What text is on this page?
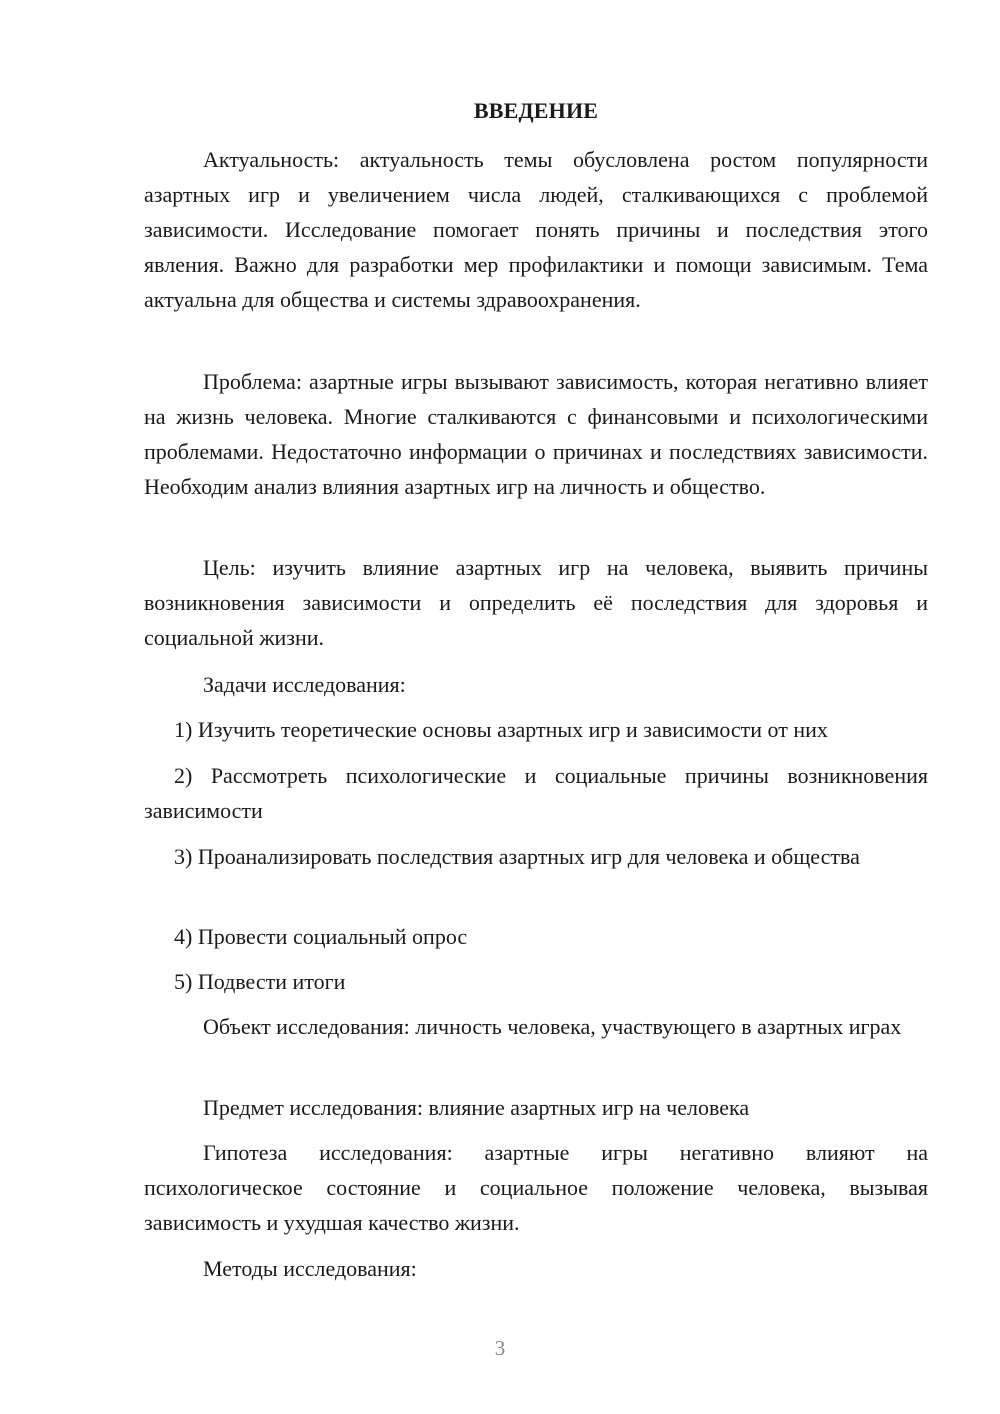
ВВЕДЕНИЕ

Актуальность: актуальность темы обусловлена ростом популярности азартных игр и увеличением числа людей, сталкивающихся с проблемой зависимости. Исследование помогает понять причины и последствия этого явления. Важно для разработки мер профилактики и помощи зависимым. Тема актуальна для общества и системы здравоохранения.

Проблема: азартные игры вызывают зависимость, которая негативно влияет на жизнь человека. Многие сталкиваются с финансовыми и психологическими проблемами. Недостаточно информации о причинах и последствиях зависимости. Необходим анализ влияния азартных игр на личность и общество.

Цель: изучить влияние азартных игр на человека, выявить причины возникновения зависимости и определить её последствия для здоровья и социальной жизни.

Задачи исследования:

1) Изучить теоретические основы азартных игр и зависимости от них

2) Рассмотреть психологические и социальные причины возникновения зависимости

3) Проанализировать последствия азартных игр для человека и общества

4) Провести социальный опрос

5) Подвести итоги

Объект исследования: личность человека, участвующего в азартных играх

Предмет исследования: влияние азартных игр на человека

Гипотеза исследования: азартные игры негативно влияют на психологическое состояние и социальное положение человека, вызывая зависимость и ухудшая качество жизни.

Методы исследования:

3
